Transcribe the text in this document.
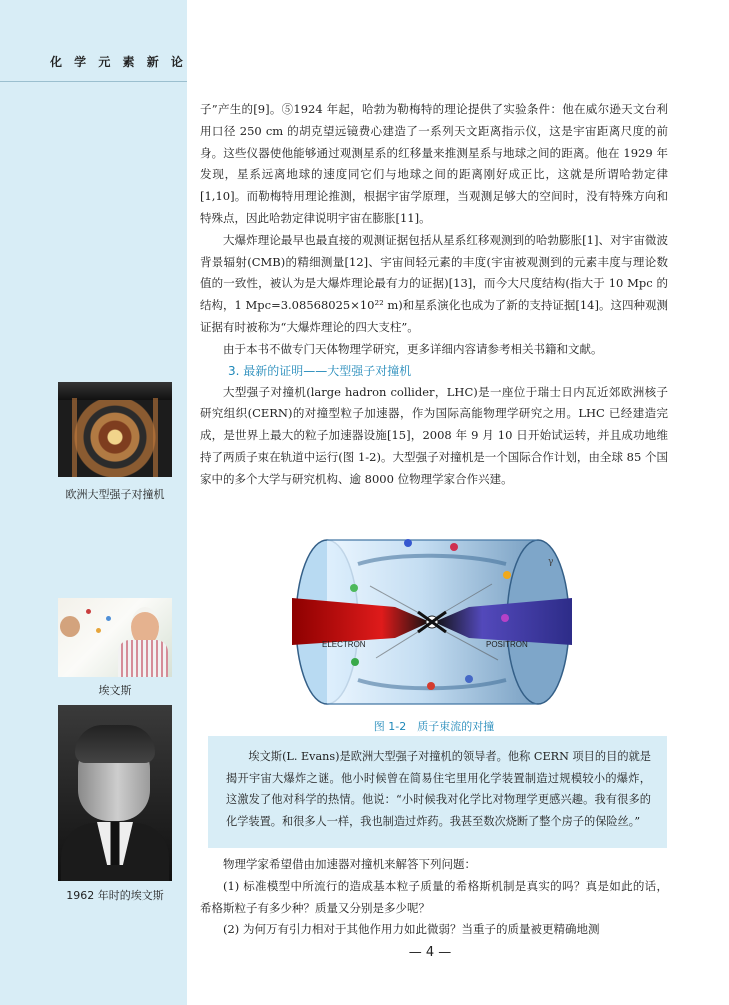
化 学 元 素 新 论
欧洲大型强子对撞机
埃文斯
1962 年时的埃文斯

子”产生的[9]。⑤1924 年起，哈勃为勒梅特的理论提供了实验条件：他在威尔逊天文台利用口径 250 cm 的胡克望远镜费心建造了一系列天文距离指示仪，这是宇宙距离尺度的前身。这些仪器使他能够通过观测星系的红移量来推测星系与地球之间的距离。他在 1929 年发现，星系远离地球的速度同它们与地球之间的距离刚好成正比，这就是所谓哈勃定律[1,10]。而勒梅特用理论推测，根据宇宙学原理，当观测足够大的空间时，没有特殊方向和特殊点，因此哈勃定律说明宇宙在膨胀[11]。

大爆炸理论最早也最直接的观测证据包括从星系红移观测到的哈勃膨胀[1]、对宇宙微波背景辐射(CMB)的精细测量[12]、宇宙间轻元素的丰度(宇宙被观测到的元素丰度与理论数值的一致性，被认为是大爆炸理论最有力的证据)[13]，而今大尺度结构(指大于 10 Mpc 的结构，1 Mpc=3.08568025×10²² m)和星系演化也成为了新的支持证据[14]。这四种观测证据有时被称为“大爆炸理论的四大支柱”。

由于本书不做专门天体物理学研究，更多详细内容请参考相关书籍和文献。

3. 最新的证明——大型强子对撞机

大型强子对撞机(large hadron collider，LHC)是一座位于瑞士日内瓦近郊欧洲核子研究组织(CERN)的对撞型粒子加速器，作为国际高能物理学研究之用。LHC 已经建造完成，是世界上最大的粒子加速器设施[15]，2008 年 9 月 10 日开始试运转，并且成功地维持了两质子束在轨道中运行(图 1-2)。大型强子对撞机是一个国际合作计划，由全球 85 个国家中的多个大学与研究机构、逾 8000 位物理学家合作兴建。

ELECTRON	POSITRON
γ
图 1-2　质子束流的对撞
埃文斯(L. Evans)是欧洲大型强子对撞机的领导者。他称 CERN 项目的目的就是揭开宇宙大爆炸之谜。他小时候曾在简易住宅里用化学装置制造过规模较小的爆炸，这激发了他对科学的热情。他说：“小时候我对化学比对物理学更感兴趣。我有很多的化学装置。和很多人一样，我也制造过炸药。我甚至数次烧断了整个房子的保险丝。”

物理学家希望借由加速器对撞机来解答下列问题：

(1) 标准模型中所流行的造成基本粒子质量的希格斯机制是真实的吗？真是如此的话，希格斯粒子有多少种？质量又分别是多少呢？

(2) 为何万有引力相对于其他作用力如此微弱？当重子的质量被更精确地测

— 4 —
